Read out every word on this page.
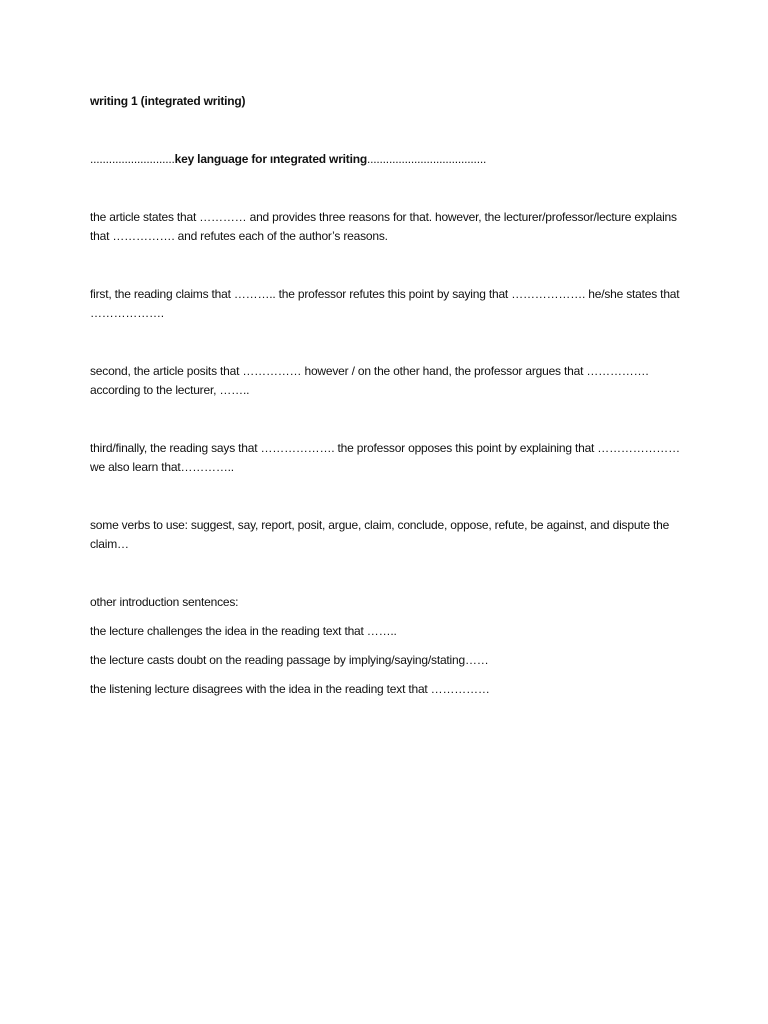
writing 1 (integrated writing)
...........................key language for ıntegrated writing......................................
the article states that ………… and provides three reasons for that. however, the lecturer/professor/lecture explains that ……………. and refutes each of the author’s reasons.
first, the reading claims that ……….. the professor refutes this point by saying that ………………. he/she states that ……………….
second, the article posits that …………… however / on the other hand, the professor argues that ……………. according to the lecturer, ……..
third/finally, the reading says that ………………. the professor opposes this point by explaining that ………………… we also learn that…………..
some verbs to use: suggest, say, report, posit, argue, claim, conclude, oppose, refute, be against, and dispute the claim…
other introduction sentences:
the lecture challenges the idea in the reading text that ……..
the lecture casts doubt on the reading passage by implying/saying/stating……
the listening lecture disagrees with the idea in the reading text that ……………
